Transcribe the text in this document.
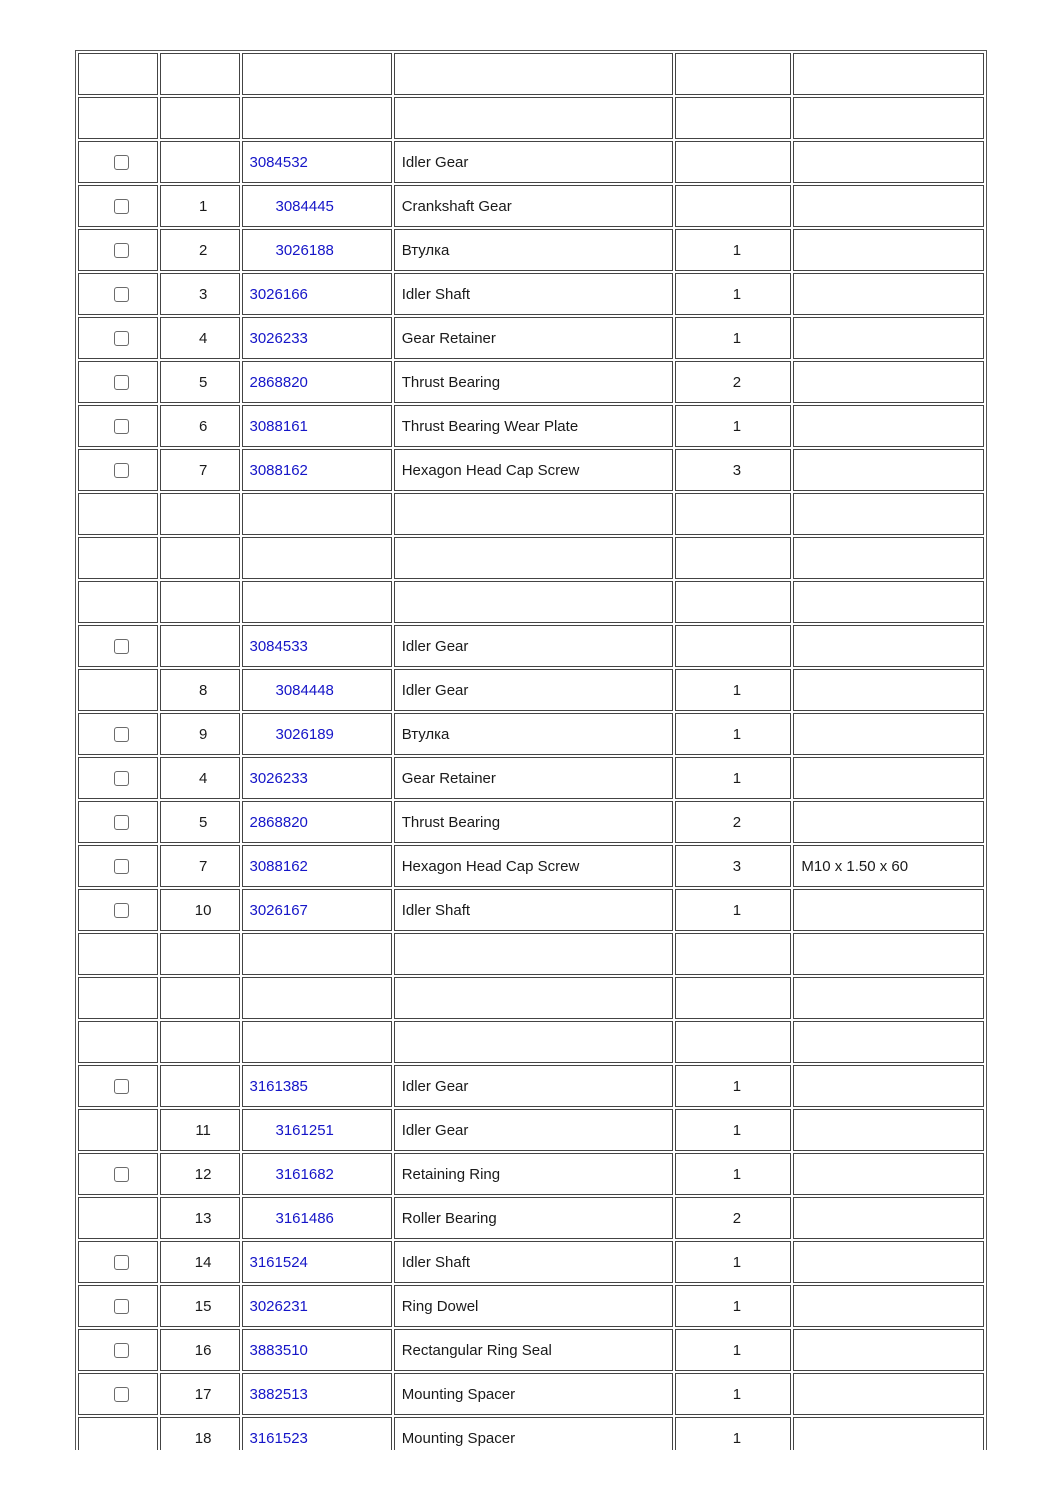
		3084532	Idler Gear		
	1	3084445	Crankshaft Gear		
	2	3026188	Втулка	1	
	3	3026166	Idler Shaft	1	
	4	3026233	Gear Retainer	1	
	5	2868820	Thrust Bearing	2	
	6	3088161	Thrust Bearing Wear Plate	1	
	7	3088162	Hexagon Head Cap Screw	3	

		3084533	Idler Gear		
	8	3084448	Idler Gear	1	
	9	3026189	Втулка	1	
	4	3026233	Gear Retainer	1	
	5	2868820	Thrust Bearing	2	
	7	3088162	Hexagon Head Cap Screw	3	M10 x 1.50 x 60
	10	3026167	Idler Shaft	1	

		3161385	Idler Gear	1	
	11	3161251	Idler Gear	1	
	12	3161682	Retaining Ring	1	
	13	3161486	Roller Bearing	2	
	14	3161524	Idler Shaft	1	
	15	3026231	Ring Dowel	1	
	16	3883510	Rectangular Ring Seal	1	
	17	3882513	Mounting Spacer	1	
	18	3161523	Mounting Spacer	1	
